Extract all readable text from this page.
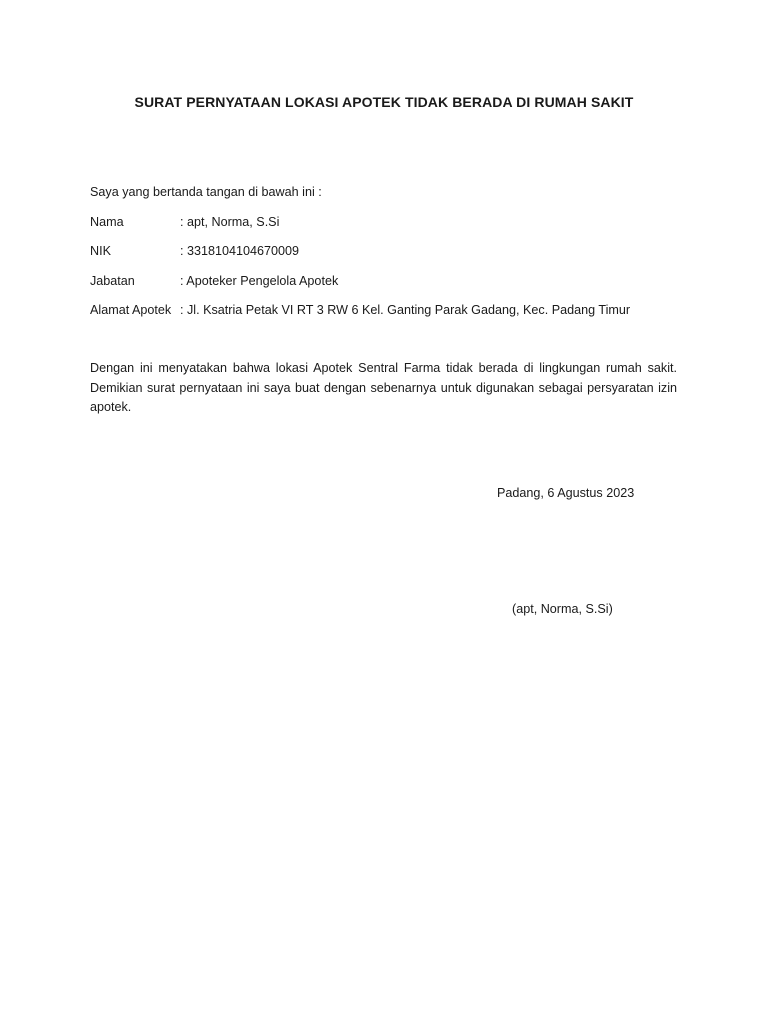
SURAT PERNYATAAN LOKASI APOTEK TIDAK BERADA DI RUMAH SAKIT

Saya yang bertanda tangan di bawah ini :

Nama	: apt, Norma, S.Si
NIK	: 3318104104670009
Jabatan	: Apoteker Pengelola Apotek
Alamat Apotek : Jl. Ksatria Petak VI RT 3 RW 6 Kel. Ganting Parak Gadang, Kec. Padang Timur

Dengan ini menyatakan bahwa lokasi Apotek Sentral Farma tidak berada di lingkungan rumah sakit. Demikian surat pernyataan ini saya buat dengan sebenarnya untuk digunakan sebagai persyaratan izin apotek.

Padang, 6 Agustus 2023

(apt, Norma, S.Si)
